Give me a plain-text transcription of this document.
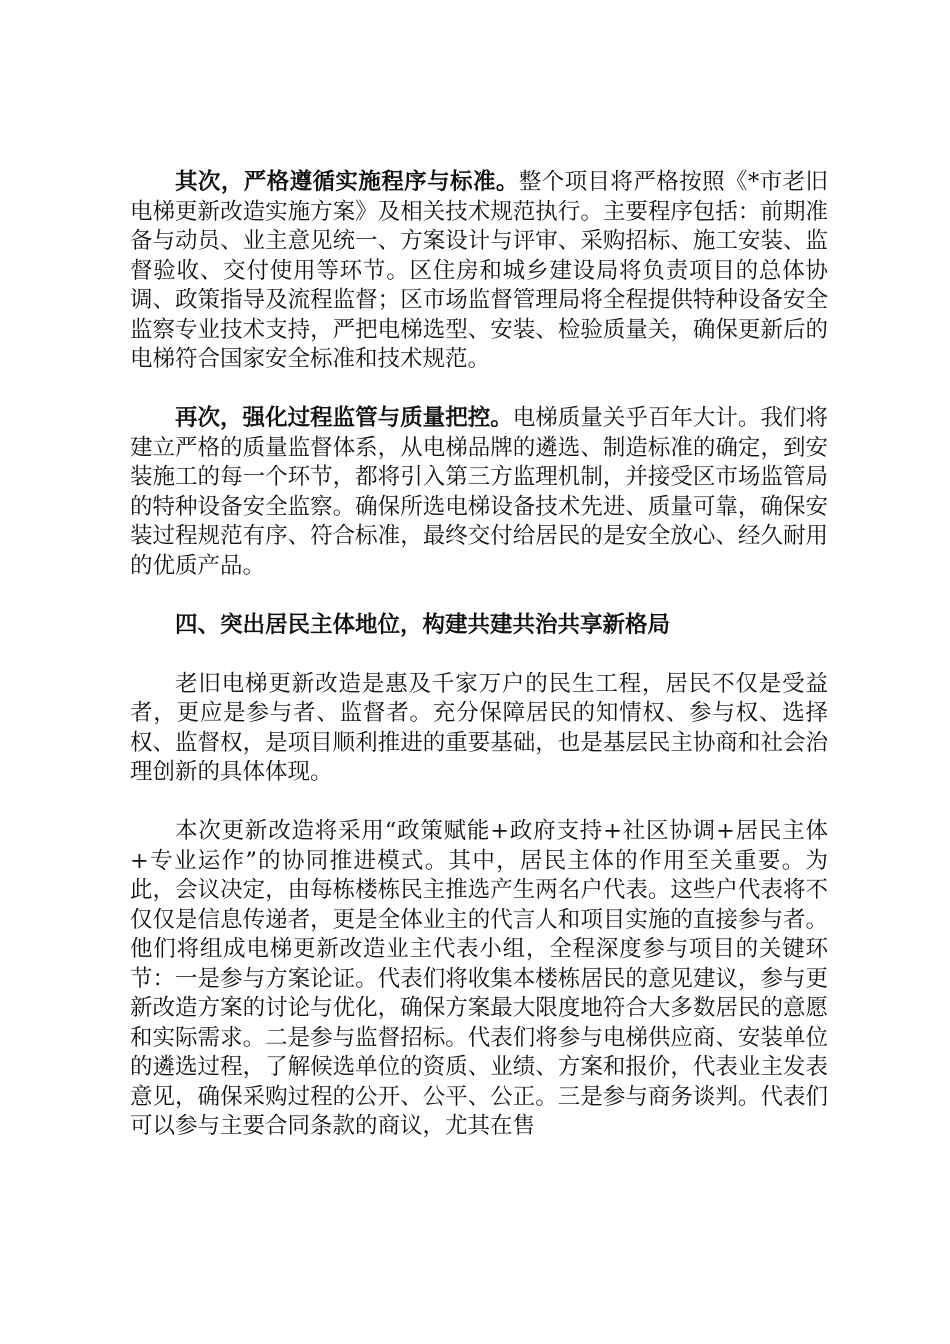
其次，严格遵循实施程序与标准。整个项目将严格按照《*市老旧电梯更新改造实施方案》及相关技术规范执行。主要程序包括：前期准备与动员、业主意见统一、方案设计与评审、采购招标、施工安装、监督验收、交付使用等环节。区住房和城乡建设局将负责项目的总体协调、政策指导及流程监督；区市场监督管理局将全程提供特种设备安全监察专业技术支持，严把电梯选型、安装、检验质量关，确保更新后的电梯符合国家安全标准和技术规范。

再次，强化过程监管与质量把控。电梯质量关乎百年大计。我们将建立严格的质量监督体系，从电梯品牌的遴选、制造标准的确定，到安装施工的每一个环节，都将引入第三方监理机制，并接受区市场监管局的特种设备安全监察。确保所选电梯设备技术先进、质量可靠，确保安装过程规范有序、符合标准，最终交付给居民的是安全放心、经久耐用的优质产品。

四、突出居民主体地位，构建共建共治共享新格局

老旧电梯更新改造是惠及千家万户的民生工程，居民不仅是受益者，更应是参与者、监督者。充分保障居民的知情权、参与权、选择权、监督权，是项目顺利推进的重要基础，也是基层民主协商和社会治理创新的具体体现。

本次更新改造将采用“政策赋能+政府支持+社区协调+居民主体+专业运作”的协同推进模式。其中，居民主体的作用至关重要。为此，会议决定，由每栋楼栋民主推选产生两名户代表。这些户代表将不仅仅是信息传递者，更是全体业主的代言人和项目实施的直接参与者。他们将组成电梯更新改造业主代表小组，全程深度参与项目的关键环节：一是参与方案论证。代表们将收集本楼栋居民的意见建议，参与更新改造方案的讨论与优化，确保方案最大限度地符合大多数居民的意愿和实际需求。二是参与监督招标。代表们将参与电梯供应商、安装单位的遴选过程，了解候选单位的资质、业绩、方案和报价，代表业主发表意见，确保采购过程的公开、公平、公正。三是参与商务谈判。代表们可以参与主要合同条款的商议，尤其在售
